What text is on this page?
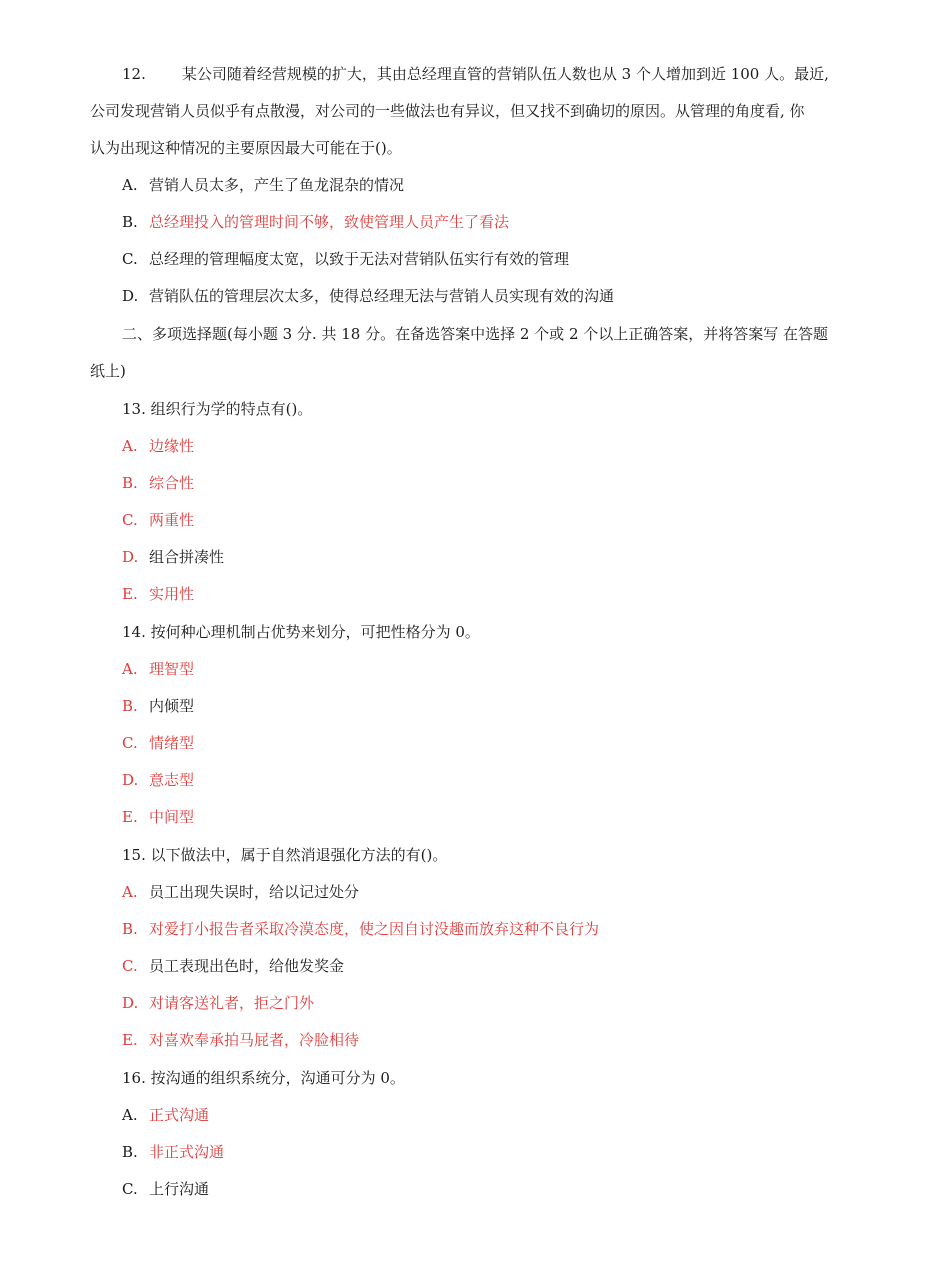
12. 某公司随着经营规模的扩大，其由总经理直管的营销队伍人数也从 3 个人增加到近 100 人。最近,
公司发现营销人员似乎有点散漫，对公司的一些做法也有异议，但又找不到确切的原因。从管理的角度看, 你
认为出现这种情况的主要原因最大可能在于()。
A. 营销人员太多，产生了鱼龙混杂的情况
B. 总经理投入的管理时间不够，致使管理人员产生了看法
C. 总经理的管理幅度太宽，以致于无法对营销队伍实行有效的管理
D. 营销队伍的管理层次太多，使得总经理无法与营销人员实现有效的沟通
二、多项选择题(每小题 3 分. 共 18 分。在备选答案中选择 2 个或 2 个以上正确答案，并将答案写 在答题
纸上)
13. 组织行为学的特点有()。
A. 边缘性
B. 综合性
C. 两重性
D. 组合拼凑性
E. 实用性
14. 按何种心理机制占优势来划分，可把性格分为 0。
A. 理智型
B. 内倾型
C. 情绪型
D. 意志型
E. 中间型
15. 以下做法中，属于自然消退强化方法的有()。
A. 员工出现失误时，给以记过处分
B. 对爱打小报告者采取冷漠态度，使之因自讨没趣而放弃这种不良行为
C. 员工表现出色时，给他发奖金
D. 对请客送礼者，拒之门外
E. 对喜欢奉承拍马屁者，冷脸相待
16. 按沟通的组织系统分，沟通可分为 0。
A. 正式沟通
B. 非正式沟通
C. 上行沟通
